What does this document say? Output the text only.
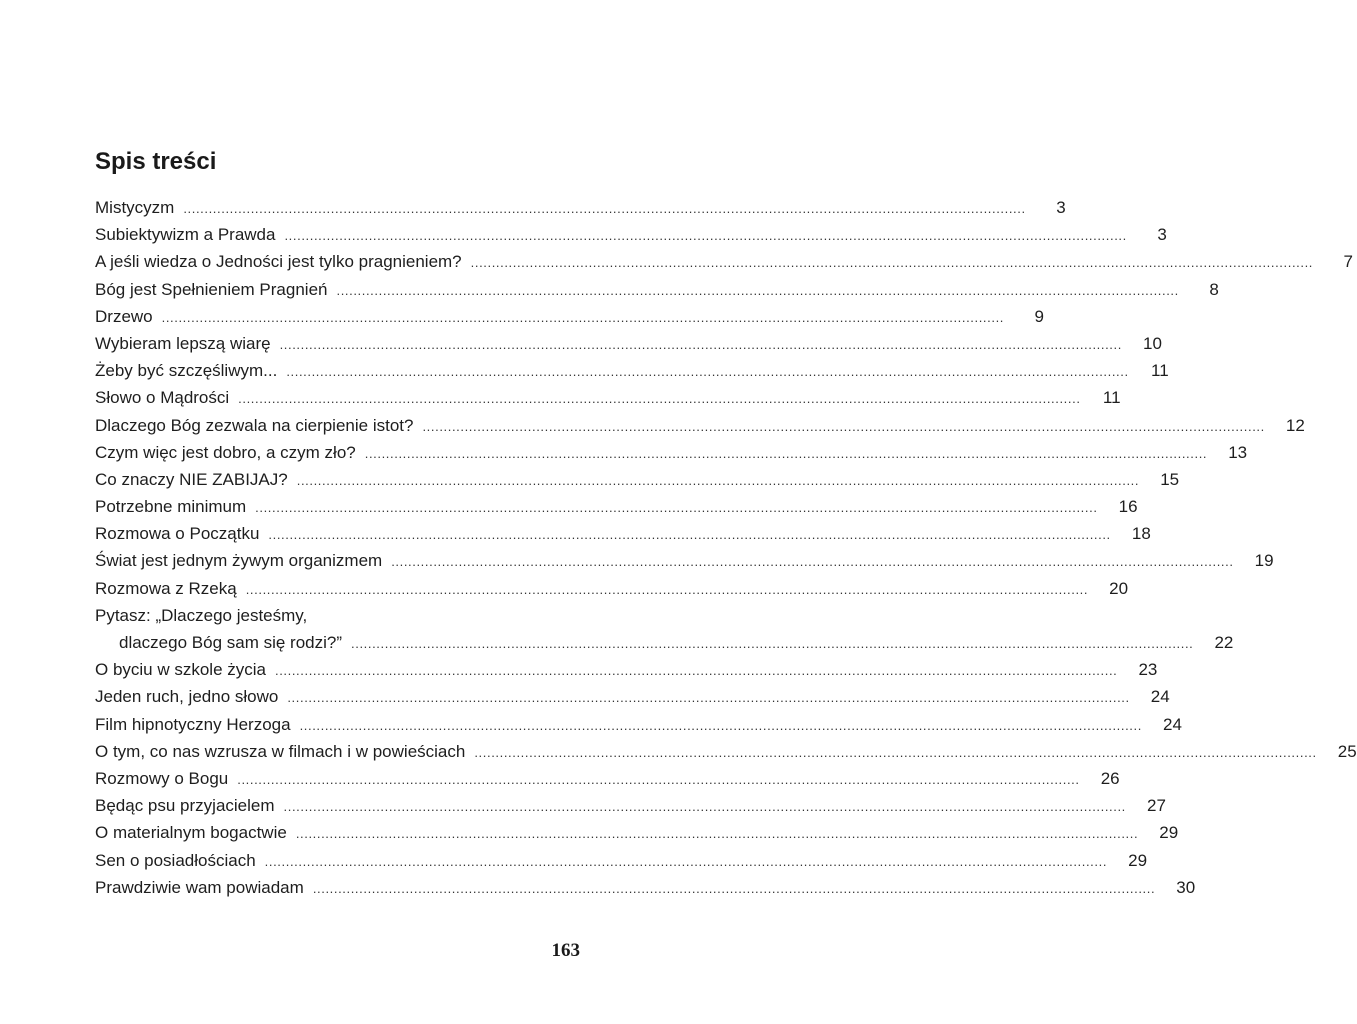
Spis treści
Mistycyzm ........................................................................................................................................................................................................	3
Subiektywizm a Prawda ........................................................................................................................................................................................................	3
A jeśli wiedza o Jedności jest tylko pragnieniem? ........................................................................................................................................................................................................	7
Bóg jest Spełnieniem Pragnień ........................................................................................................................................................................................................	8
Drzewo ........................................................................................................................................................................................................	9
Wybieram lepszą wiarę ........................................................................................................................................................................................................	10
Żeby być szczęśliwym... ........................................................................................................................................................................................................	11
Słowo o Mądrości ........................................................................................................................................................................................................	11
Dlaczego Bóg zezwala na cierpienie istot? ........................................................................................................................................................................................................	12
Czym więc jest dobro, a czym zło? ........................................................................................................................................................................................................	13
Co znaczy NIE ZABIJAJ? ........................................................................................................................................................................................................	15
Potrzebne minimum ........................................................................................................................................................................................................	16
Rozmowa o Początku ........................................................................................................................................................................................................	18
Świat jest jednym żywym organizmem ........................................................................................................................................................................................................	19
Rozmowa z Rzeką ........................................................................................................................................................................................................	20
Pytasz: „Dlaczego jesteśmy,
dlaczego Bóg sam się rodzi?” ........................................................................................................................................................................................................	22
O byciu w szkole życia ........................................................................................................................................................................................................	23
Jeden ruch, jedno słowo ........................................................................................................................................................................................................	24
Film hipnotyczny Herzoga ........................................................................................................................................................................................................	24
O tym, co nas wzrusza w filmach i w powieściach ........................................................................................................................................................................................................	25
Rozmowy o Bogu ........................................................................................................................................................................................................	26
Będąc psu przyjacielem ........................................................................................................................................................................................................	27
O materialnym bogactwie ........................................................................................................................................................................................................	29
Sen o posiadłościach ........................................................................................................................................................................................................	29
Prawdziwie wam powiadam ........................................................................................................................................................................................................	30
163
